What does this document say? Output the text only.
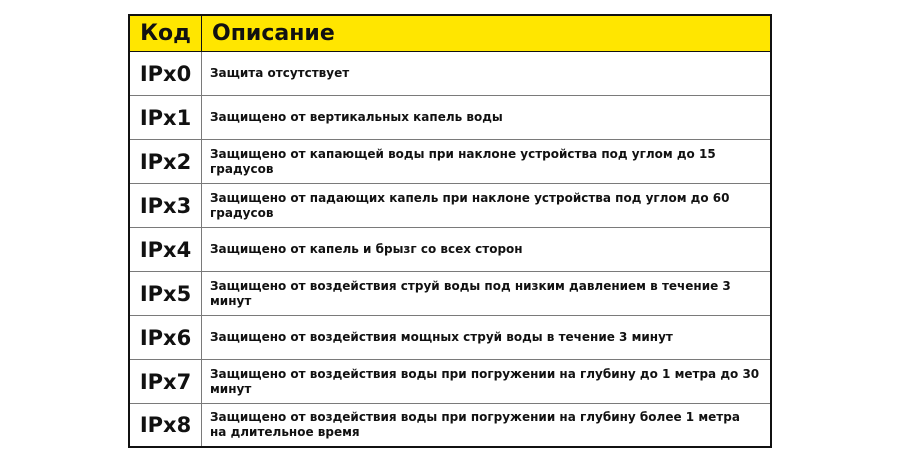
Код Описание
IPx0	Защита отсутствует
IPx1	Защищено от вертикальных капель воды
IPx2	Защищено от капающей воды при наклоне устройства под углом до 15 градусов
IPx3	Защищено от падающих капель при наклоне устройства под углом до 60 градусов
IPx4	Защищено от капель и брызг со всех сторон
IPx5	Защищено от воздействия струй воды под низким давлением в течение 3 минут
IPx6	Защищено от воздействия мощных струй воды в течение 3 минут
IPx7	Защищено от воздействия воды при погружении на глубину до 1 метра до 30 минут
IPx8	Защищено от воздействия воды при погружении на глубину более 1 метра на длительное время
